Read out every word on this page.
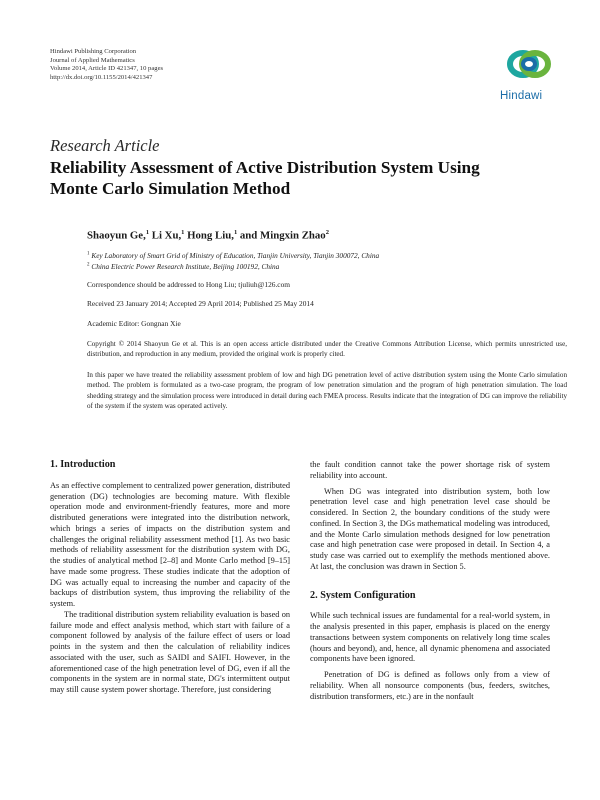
Hindawi Publishing Corporation
Journal of Applied Mathematics
Volume 2014, Article ID 421347, 10 pages
http://dx.doi.org/10.1155/2014/421347
Hindawi
Research Article
Reliability Assessment of Active Distribution System Using
Monte Carlo Simulation Method
Shaoyun Ge,$^1$ Li Xu,$^1$ Hong Liu,$^1$ and Mingxin Zhao$^2$
$^1$ Key Laboratory of Smart Grid of Ministry of Education, Tianjin University, Tianjin 300072, China
$^2$ China Electric Power Research Institute, Beijing 100192, China
Correspondence should be addressed to Hong Liu; tjuliuh@126.com
Received 23 January 2014; Accepted 29 April 2014; Published 25 May 2014
Academic Editor: Gongnan Xie
Copyright © 2014 Shaoyun Ge et al. This is an open access article distributed under the Creative Commons Attribution License, which permits unrestricted use, distribution, and reproduction in any medium, provided the original work is properly cited.
In this paper we have treated the reliability assessment problem of low and high DG penetration level of active distribution system using the Monte Carlo simulation method. The problem is formulated as a two-case program, the program of low penetration simulation and the program of high penetration simulation. The load shedding strategy and the simulation process were introduced in detail during each FMEA process. Results indicate that the integration of DG can improve the reliability of the system if the system was operated actively.
1. Introduction

As an effective complement to centralized power generation, distributed generation (DG) technologies are becoming mature. With flexible operation mode and environment-friendly features, more and more distributed generations were integrated into the distribution network, which brings a series of impacts on the distribution system and challenges the original reliability assessment method [1]. As two basic methods of reliability assessment for the distribution system with DG, the studies of analytical method [2–8] and Monte Carlo method [9–15] have made some progress. These studies indicate that the adoption of DG was actually equal to increasing the number and capacity of the backups of distribution system, thus improving the reliability of the system.

The traditional distribution system reliability evaluation is based on failure mode and effect analysis method, which start with failure of a component followed by analysis of the failure effect of users or load points in the system and then the calculation of reliability indices associated with the user, such as SAIDI and SAIFI. However, in the aforementioned case of the high penetration level of DG, even if all the components in the system are in normal state, DG's intermittent output may still cause system power shortage. Therefore, just considering

the fault condition cannot take the power shortage risk of system reliability into account.

When DG was integrated into distribution system, both low penetration level case and high penetration level case should be considered. In Section 2, the boundary conditions of the study were confined. In Section 3, the DGs mathematical modeling was introduced, and the Monte Carlo simulation methods designed for low penetration case and high penetration case were proposed in detail. In Section 4, a study case was carried out to exemplify the methods mentioned above. At last, the conclusion was drawn in Section 5.

2. System Configuration

While such technical issues are fundamental for a real-world system, in the analysis presented in this paper, emphasis is placed on the energy transactions between system components on relatively long time scales (hours and beyond), and, hence, all dynamic phenomena and associated components have been ignored.

Penetration of DG is defined as follows only from a view of reliability. When all nonsource components (bus, feeders, switches, distribution transformers, etc.) are in the nonfault
